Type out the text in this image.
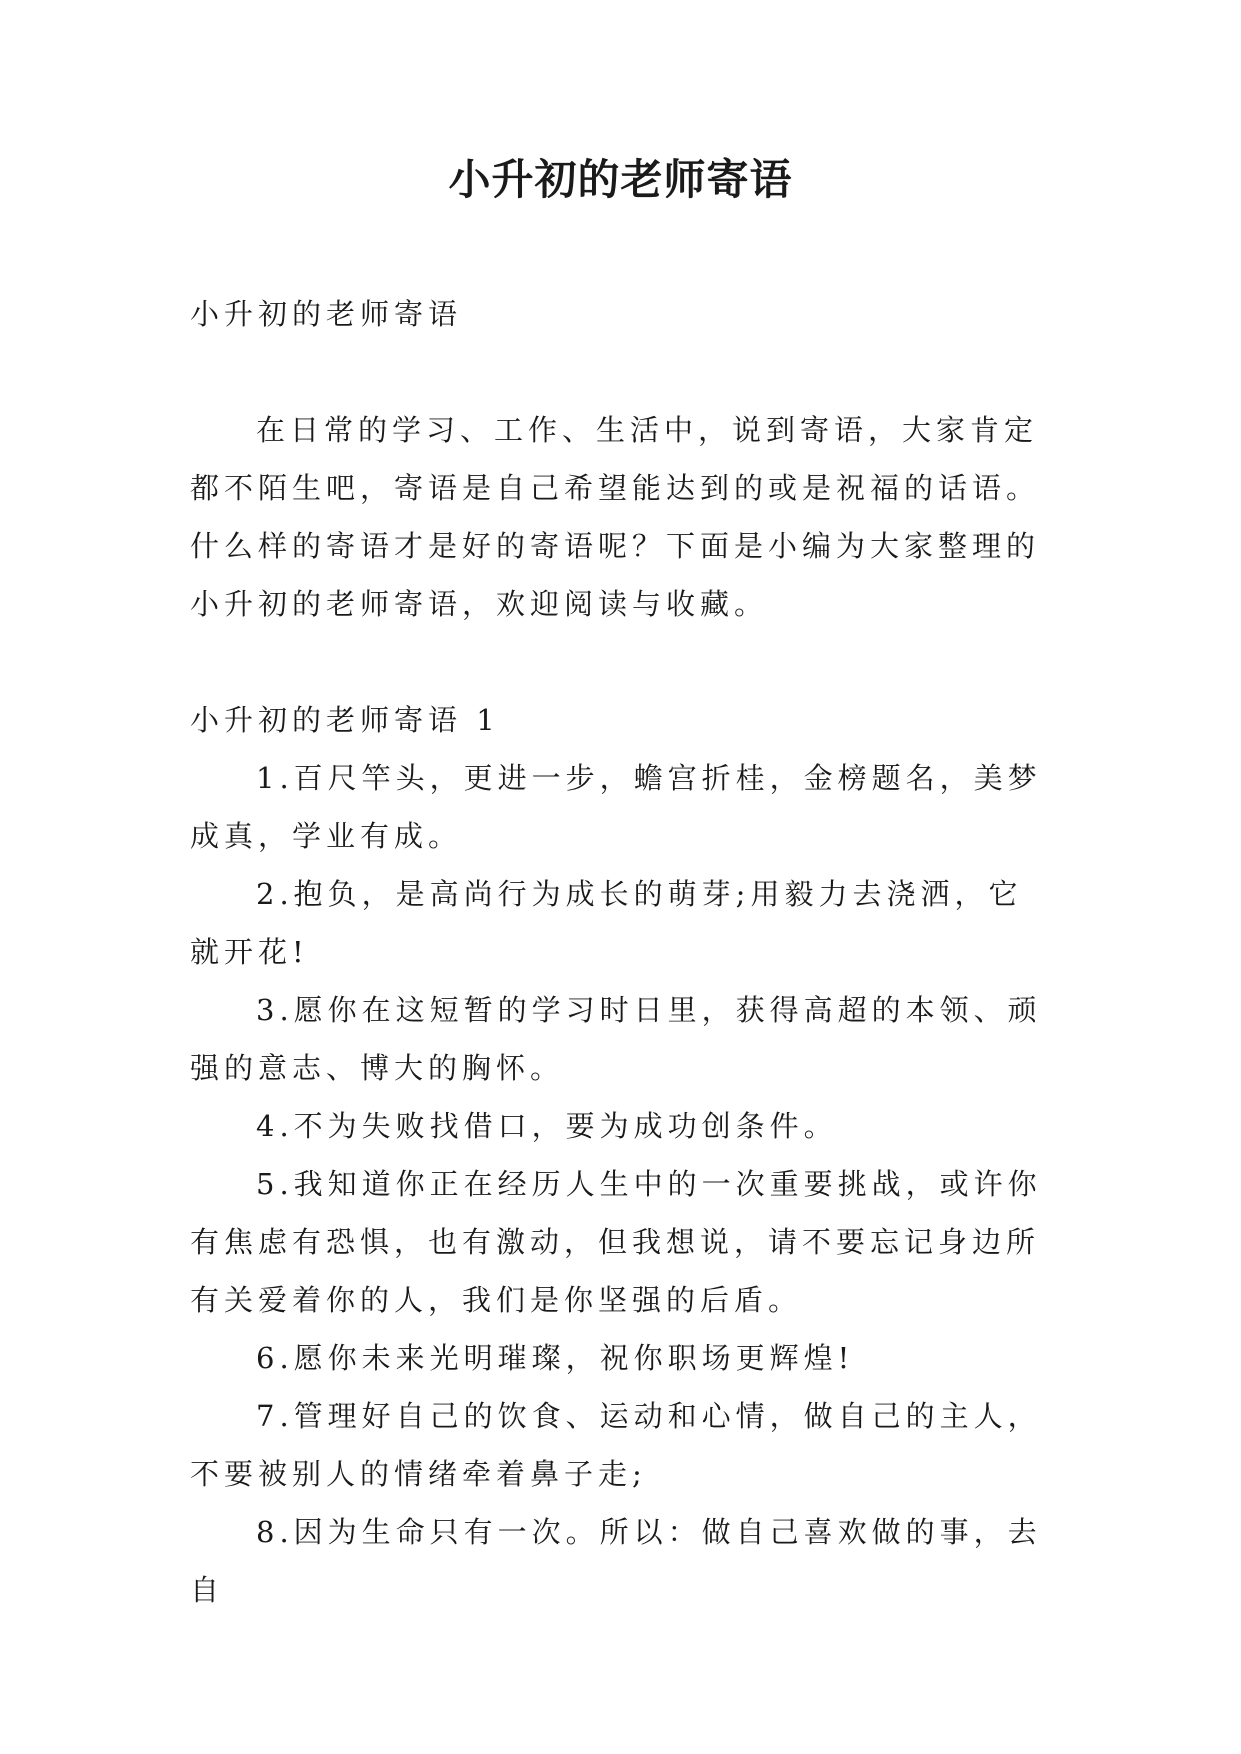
小升初的老师寄语

小升初的老师寄语

在日常的学习、工作、生活中，说到寄语，大家肯定都不陌生吧，寄语是自己希望能达到的或是祝福的话语。什么样的寄语才是好的寄语呢？下面是小编为大家整理的小升初的老师寄语，欢迎阅读与收藏。

小升初的老师寄语 1

1.百尺竿头，更进一步，蟾宫折桂，金榜题名，美梦成真，学业有成。

2.抱负，是高尚行为成长的萌芽;用毅力去浇洒，它就开花!

3.愿你在这短暂的学习时日里，获得高超的本领、顽强的意志、博大的胸怀。

4.不为失败找借口，要为成功创条件。

5.我知道你正在经历人生中的一次重要挑战，或许你有焦虑有恐惧，也有激动，但我想说，请不要忘记身边所有关爱着你的人，我们是你坚强的后盾。

6.愿你未来光明璀璨，祝你职场更辉煌!

7.管理好自己的饮食、运动和心情，做自己的主人，不要被别人的情绪牵着鼻子走;

8.因为生命只有一次。所以：做自己喜欢做的事，去自
